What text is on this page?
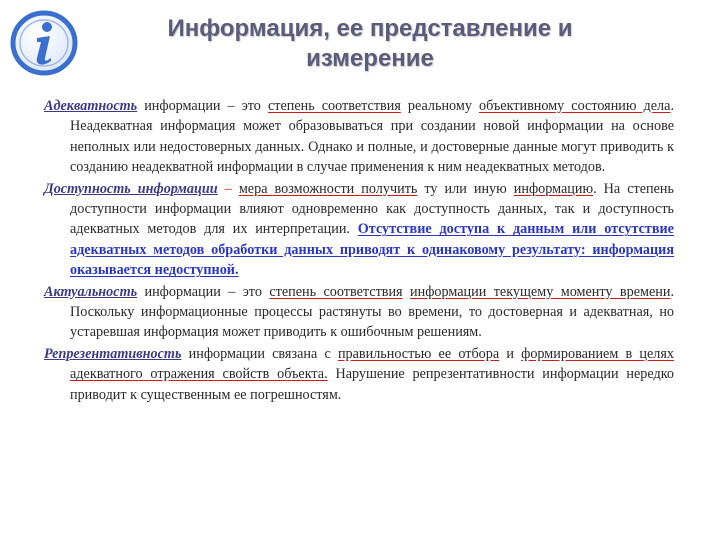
Информация, ее представление и
измерение

Адекватность информации – это степень соответствия реальному объективному состоянию дела. Неадекватная информация может образовываться при создании новой информации на основе неполных или недостоверных данных. Однако и полные, и достоверные данные могут приводить к созданию неадекватной информации в случае применения к ним неадекватных методов.

Доступность информации – мера возможности получить ту или иную информацию. На степень доступности информации влияют одновременно как доступность данных, так и доступность адекватных методов для их интерпретации. Отсутствие доступа к данным или отсутствие адекватных методов обработки данных приводят к одинаковому результату: информация оказывается недоступной.

Актуальность информации – это степень соответствия информации текущему моменту времени. Поскольку информационные процессы растянуты во времени, то достоверная и адекватная, но устаревшая информация может приводить к ошибочным решениям.

Репрезентативность информации связана с правильностью ее отбора и формированием в целях адекватного отражения свойств объекта. Нарушение репрезентативности информации нередко приводит к существенным ее погрешностям.
